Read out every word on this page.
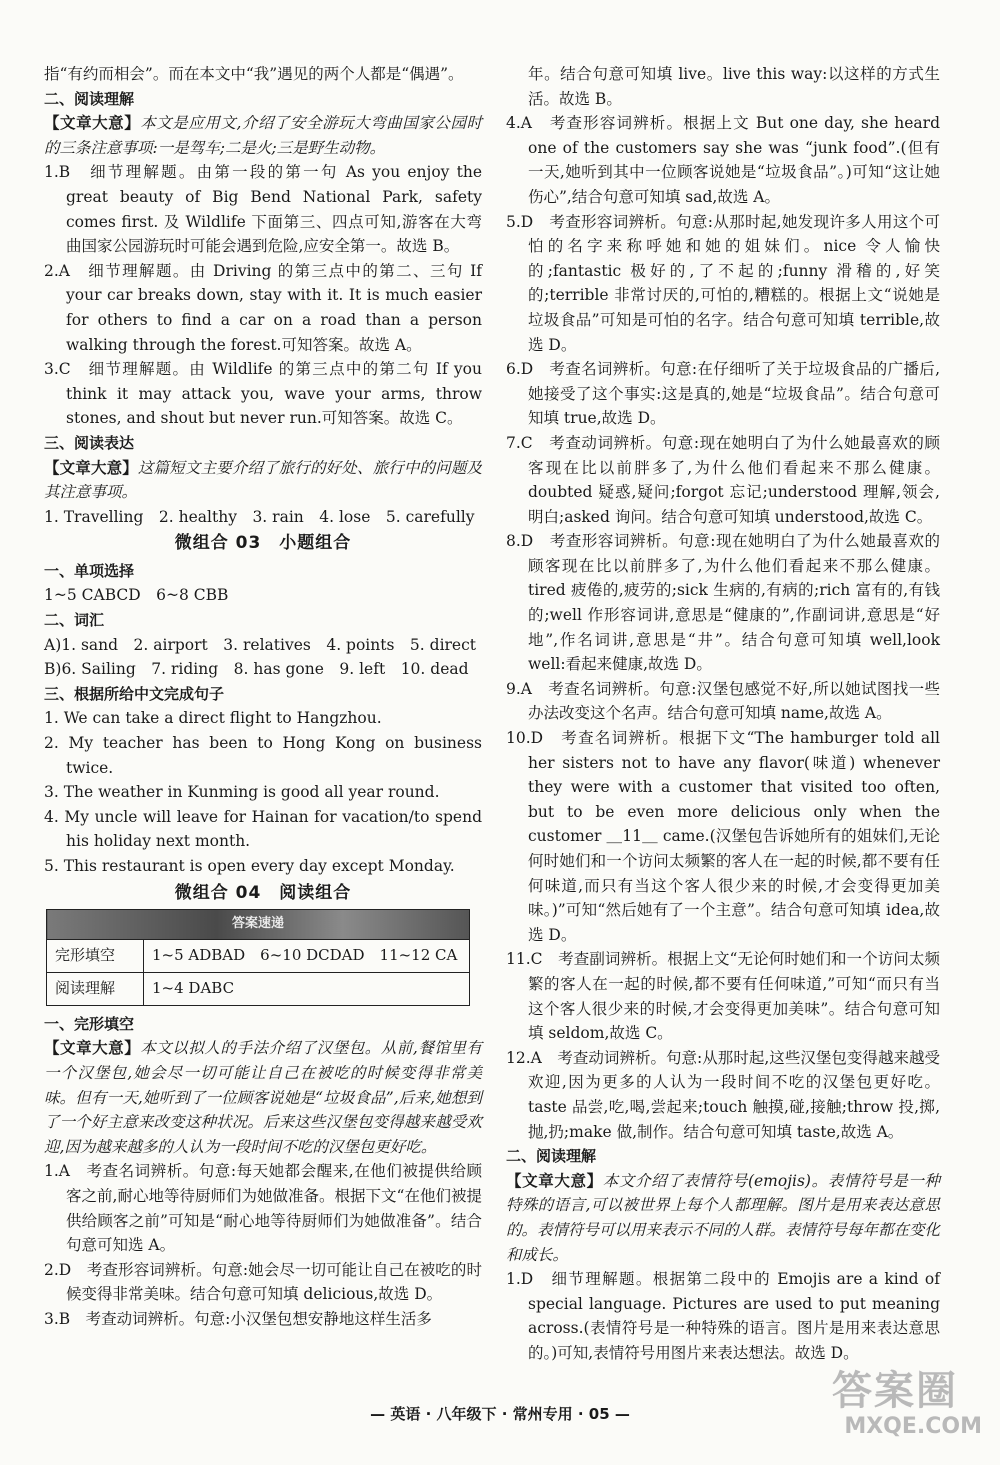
指“有约而相会”。而在本文中“我”遇见的两个人都是“偶遇”。

二、阅读理解

【文章大意】本文是应用文,介绍了安全游玩大弯曲国家公园时的三条注意事项:一是驾车;二是火;三是野生动物。

1.B　细节理解题。由第一段的第一句 As you enjoy the great beauty of Big Bend National Park, safety comes first. 及 Wildlife 下面第三、四点可知,游客在大弯曲国家公园游玩时可能会遇到危险,应安全第一。故选 B。

2.A　细节理解题。由 Driving 的第三点中的第二、三句 If your car breaks down, stay with it. It is much easier for others to find a car on a road than a person walking through the forest.可知答案。故选 A。

3.C　细节理解题。由 Wildlife 的第三点中的第二句 If you think it may attack you, wave your arms, throw stones, and shout but never run.可知答案。故选 C。

三、阅读表达

【文章大意】这篇短文主要介绍了旅行的好处、旅行中的问题及其注意事项。

1. Travelling　2. healthy　3. rain　4. lose　5. carefully

微组合 03　小题组合

一、单项选择

1~5 CABCD　6~8 CBB

二、词汇

A)1. sand　2. airport　3. relatives　4. points　5. direct

B)6. Sailing　7. riding　8. has gone　9. left　10. dead

三、根据所给中文完成句子

1. We can take a direct flight to Hangzhou.

2. My teacher has been to Hong Kong on business twice.

3. The weather in Kunming is good all year round.

4. My uncle will leave for Hainan for vacation/to spend his holiday next month.

5. This restaurant is open every day except Monday.

微组合 04　阅读组合

答案速递	
完形填空	1~5 ADBAD　6~10 DCDAD　11~12 CA
阅读理解	1~4 DABC

一、完形填空

【文章大意】本文以拟人的手法介绍了汉堡包。从前,餐馆里有一个汉堡包,她会尽一切可能让自己在被吃的时候变得非常美味。但有一天,她听到了一位顾客说她是“垃圾食品”,后来,她想到了一个好主意来改变这种状况。后来这些汉堡包变得越来越受欢迎,因为越来越多的人认为一段时间不吃的汉堡包更好吃。

1.A　考查名词辨析。句意:每天她都会醒来,在他们被提供给顾客之前,耐心地等待厨师们为她做准备。根据下文“在他们被提供给顾客之前”可知是“耐心地等待厨师们为她做准备”。结合句意可知选 A。

2.D　考查形容词辨析。句意:她会尽一切可能让自己在被吃的时候变得非常美味。结合句意可知填 delicious,故选 D。

3.B　考查动词辨析。句意:小汉堡包想安静地这样生活多

年。结合句意可知填 live。live this way:以这样的方式生活。故选 B。

4.A　考查形容词辨析。根据上文 But one day, she heard one of the customers say she was “junk food”.(但有一天,她听到其中一位顾客说她是“垃圾食品”。)可知“这让她伤心”,结合句意可知填 sad,故选 A。

5.D　考查形容词辨析。句意:从那时起,她发现许多人用这个可怕的名字来称呼她和她的姐妹们。nice 令人愉快的;fantastic 极好的,了不起的;funny 滑稽的,好笑的;terrible 非常讨厌的,可怕的,糟糕的。根据上文“说她是垃圾食品”可知是可怕的名字。结合句意可知填 terrible,故选 D。

6.D　考查名词辨析。句意:在仔细听了关于垃圾食品的广播后,她接受了这个事实:这是真的,她是“垃圾食品”。结合句意可知填 true,故选 D。

7.C　考查动词辨析。句意:现在她明白了为什么她最喜欢的顾客现在比以前胖多了,为什么他们看起来不那么健康。doubted 疑惑,疑问;forgot 忘记;understood 理解,领会,明白;asked 询问。结合句意可知填 understood,故选 C。

8.D　考查形容词辨析。句意:现在她明白了为什么她最喜欢的顾客现在比以前胖多了,为什么他们看起来不那么健康。tired 疲倦的,疲劳的;sick 生病的,有病的;rich 富有的,有钱的;well 作形容词讲,意思是“健康的”,作副词讲,意思是“好地”,作名词讲,意思是“井”。结合句意可知填 well,look well:看起来健康,故选 D。

9.A　考查名词辨析。句意:汉堡包感觉不好,所以她试图找一些办法改变这个名声。结合句意可知填 name,故选 A。

10.D　考查名词辨析。根据下文“The hamburger told all her sisters not to have any flavor(味道) whenever they were with a customer that visited too often, but to be even more delicious only when the customer ＿11＿ came.(汉堡包告诉她所有的姐妹们,无论何时她们和一个访问太频繁的客人在一起的时候,都不要有任何味道,而只有当这个客人很少来的时候,才会变得更加美味。)”可知“然后她有了一个主意”。结合句意可知填 idea,故选 D。

11.C　考查副词辨析。根据上文“无论何时她们和一个访问太频繁的客人在一起的时候,都不要有任何味道,”可知“而只有当这个客人很少来的时候,才会变得更加美味”。结合句意可知填 seldom,故选 C。

12.A　考查动词辨析。句意:从那时起,这些汉堡包变得越来越受欢迎,因为更多的人认为一段时间不吃的汉堡包更好吃。taste 品尝,吃,喝,尝起来;touch 触摸,碰,接触;throw 投,掷,抛,扔;make 做,制作。结合句意可知填 taste,故选 A。

二、阅读理解

【文章大意】本文介绍了表情符号(emojis)。表情符号是一种特殊的语言,可以被世界上每个人都理解。图片是用来表达意思的。表情符号可以用来表示不同的人群。表情符号每年都在变化和成长。

1.D　细节理解题。根据第二段中的 Emojis are a kind of special language. Pictures are used to put meaning across.(表情符号是一种特殊的语言。图片是用来表达意思的。)可知,表情符号用图片来表达想法。故选 D。

— 英语 · 八年级下 · 常州专用 · 05 —	答案圈
MXQE.COM
